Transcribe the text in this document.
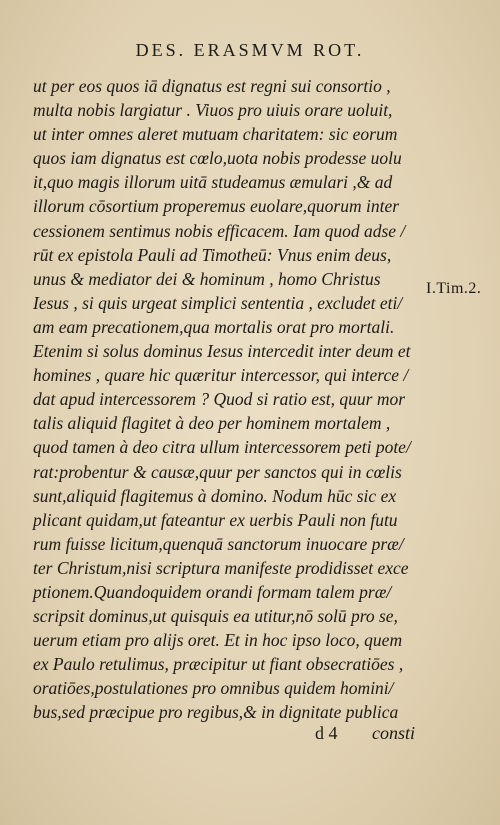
DES. ERASMVM ROT.
ut per eos quos iā dignatus est regni sui consortio ,
multa nobis largiatur . Viuos pro uiuis orare uoluit,
ut inter omnes aleret mutuam charitatem: sic eorum
quos iam dignatus est cœlo,uota nobis prodesse uolu
it,quo magis illorum uitā studeamus æmulari ,& ad
illorum cōsortium properemus euolare,quorum inter
cessionem sentimus nobis efficacem. Iam quod adse /
rūt ex epistola Pauli ad Timotheū: Vnus enim deus,
unus & mediator dei & hominum , homo Christus
Iesus , si quis urgeat simplici sententia , excludet eti/
am eam precationem,qua mortalis orat pro mortali.
Etenim si solus dominus Iesus intercedit inter deum et
homines , quare hic quæritur intercessor, qui interce /
dat apud intercessorem ? Quod si ratio est, quur mor
talis aliquid flagitet à deo per hominem mortalem ,
quod tamen à deo citra ullum intercessorem peti pote/
rat:probentur & causæ,quur per sanctos qui in cœlis
sunt,aliquid flagitemus à domino. Nodum hūc sic ex
plicant quidam,ut fateantur ex uerbis Pauli non futu
rum fuisse licitum,quenquā sanctorum inuocare præ/
ter Christum,nisi scriptura manifeste prodidisset exce
ptionem.Quandoquidem orandi formam talem præ/
scripsit dominus,ut quisquis ea utitur,nō solū pro se,
uerum etiam pro alijs oret. Et in hoc ipso loco, quem
ex Paulo retulimus, præcipitur ut fiant obsecratiōes ,
oratiōes,postulationes pro omnibus quidem homini/
bus,sed præcipue pro regibus,& in dignitate publica
I.Tim.2.
d 4 consti
